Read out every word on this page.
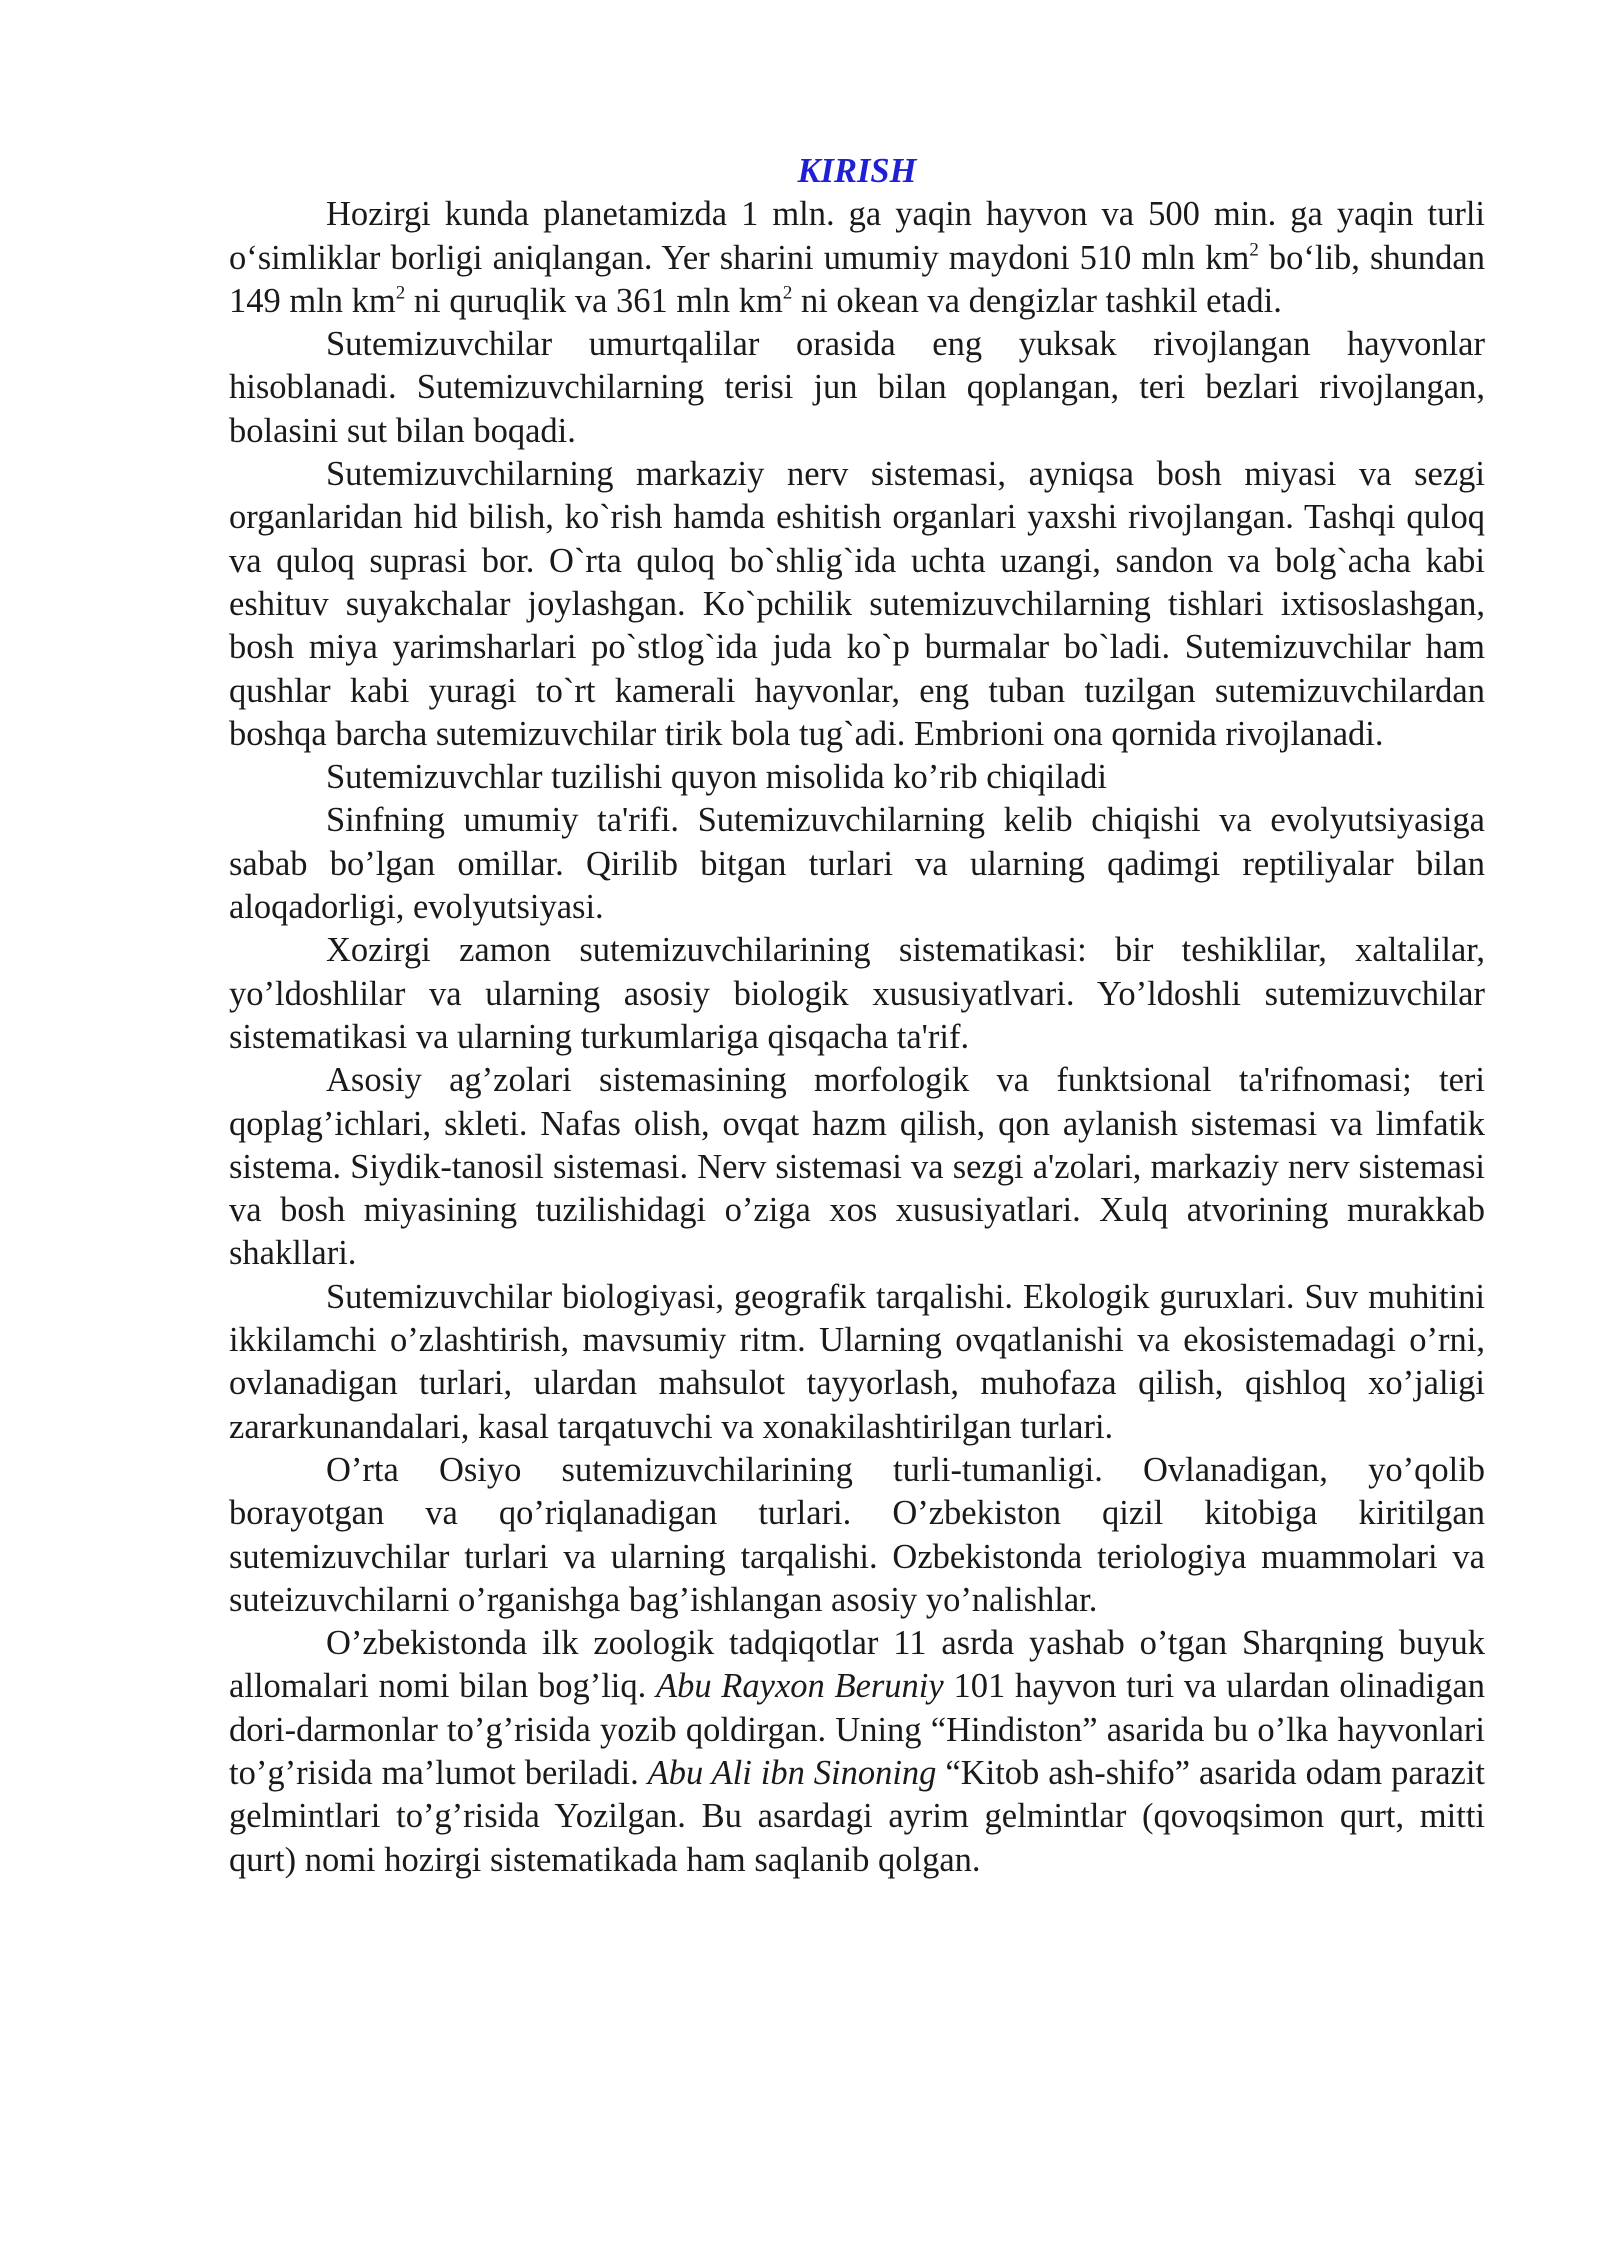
KIRISH

Hozirgi kunda planetamizda 1 mln. ga yaqin hayvon va 500 min. ga yaqin turli o‘simliklar borligi aniqlangan. Yer sharini umumiy maydoni 510 mln $km^2$ bo‘lib, shundan 149 mln $km^2$ ni quruqlik va 361 mln $km^2$ ni okean va dengizlar tashkil etadi.

Sutemizuvchilar umurtqalilar orasida eng yuksak rivojlangan hayvonlar hisoblanadi. Sutemizuvchilarning terisi jun bilan qoplangan, teri bezlari rivojlangan, bolasini sut bilan boqadi.

Sutemizuvchilarning markaziy nerv sistemasi, ayniqsa bosh miyasi va sezgi organlaridan hid bilish, ko`rish hamda eshitish organlari yaxshi rivojlangan. Tashqi quloq va quloq suprasi bor. O`rta quloq bo`shlig`ida uchta uzangi, sandon va bolg`acha kabi eshituv suyakchalar joylashgan. Ko`pchilik sutemizuvchilarning tishlari ixtisoslashgan, bosh miya yarimsharlari po`stlog`ida juda ko`p burmalar bo`ladi. Sutemizuvchilar ham qushlar kabi yuragi to`rt kamerali hayvonlar, eng tuban tuzilgan sutemizuvchilardan boshqa barcha sutemizuvchilar tirik bola tug`adi. Embrioni ona qornida rivojlanadi.

Sutemizuvchlar tuzilishi quyon misolida ko’rib chiqiladi

Sinfning umumiy ta'rifi. Sutemizuvchilarning kelib chiqishi va evolyutsiyasiga sabab bo’lgan omillar. Qirilib bitgan turlari va ularning qadimgi reptiliyalar bilan aloqadorligi, evolyutsiyasi.

Xozirgi zamon sutemizuvchilarining sistematikasi: bir teshiklilar, xaltalilar, yo’ldoshlilar va ularning asosiy biologik xususiyatlvari. Yo’ldoshli sutemizuvchilar sistematikasi va ularning turkumlariga qisqacha ta'rif.

Asosiy ag’zolari sistemasining morfologik va funktsional ta'rifnomasi; teri qoplag’ichlari, skleti. Nafas olish, ovqat hazm qilish, qon aylanish sistemasi va limfatik sistema. Siydik-tanosil sistemasi. Nerv sistemasi va sezgi a'zolari, markaziy nerv sistemasi va bosh miyasining tuzilishidagi o’ziga xos xususiyatlari. Xulq atvorining murakkab shakllari.

Sutemizuvchilar biologiyasi, geografik tarqalishi. Ekologik guruxlari. Suv muhitini ikkilamchi o’zlashtirish, mavsumiy ritm. Ularning ovqatlanishi va ekosistemadagi o’rni, ovlanadigan turlari, ulardan mahsulot tayyorlash, muhofaza qilish, qishloq xo’jaligi zararkunandalari, kasal tarqatuvchi va xonakilashtirilgan turlari.

O’rta Osiyo sutemizuvchilarining turli-tumanligi. Ovlanadigan, yo’qolib borayotgan va qo’riqlanadigan turlari. O’zbekiston qizil kitobiga kiritilgan sutemizuvchilar turlari va ularning tarqalishi. Ozbekistonda teriologiya muammolari va suteizuvchilarni o’rganishga bag’ishlangan asosiy yo’nalishlar.

O’zbekistonda ilk zoologik tadqiqotlar 11 asrda yashab o’tgan Sharqning buyuk allomalari nomi bilan bog’liq. Abu Rayxon Beruniy 101 hayvon turi va ulardan olinadigan dori-darmonlar to’g’risida yozib qoldirgan. Uning “Hindiston” asarida bu o’lka hayvonlari to’g’risida ma’lumot beriladi. Abu Ali ibn Sinoning “Kitob ash-shifo” asarida odam parazit gelmintlari to’g’risida Yozilgan. Bu asardagi ayrim gelmintlar (qovoqsimon qurt, mitti qurt) nomi hozirgi sistematikada ham saqlanib qolgan.
